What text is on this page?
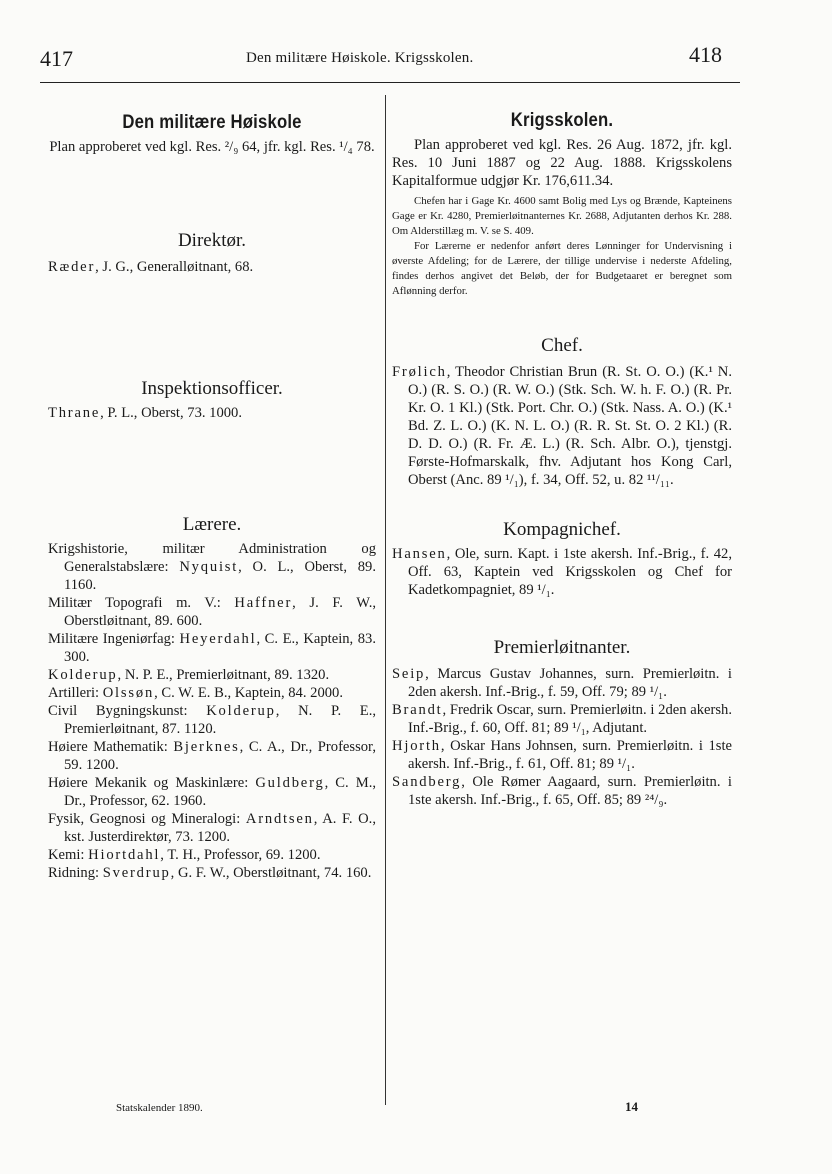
417	Den militære Høiskole. Krigsskolen.	418
Den militære Høiskole

Plan approberet ved kgl. Res. ²/₉ 64, jfr. kgl. Res. ¹/₄ 78.

Direktør.

Ræder, J. G., Generalløitnant, 68.

Inspektionsofficer.

Thrane, P. L., Oberst, 73. 1000.

Lærere.

Krigshistorie, militær Administration og Generalstabslære: Nyquist, O. L., Oberst, 89. 1160.

Militær Topografi m. V.: Haffner, J. F. W., Oberstløitnant, 89. 600.

Militære Ingeniørfag: Heyerdahl, C. E., Kaptein, 83. 300.

Kolderup, N. P. E., Premierløitnant, 89. 1320.

Artilleri: Olssøn, C. W. E. B., Kaptein, 84. 2000.

Civil Bygningskunst: Kolderup, N. P. E., Premierløitnant, 87. 1120.

Høiere Mathematik: Bjerknes, C. A., Dr., Professor, 59. 1200.

Høiere Mekanik og Maskinlære: Guldberg, C. M., Dr., Professor, 62. 1960.

Fysik, Geognosi og Mineralogi: Arndtsen, A. F. O., kst. Justerdirektør, 73. 1200.

Kemi: Hiortdahl, T. H., Professor, 69. 1200.

Ridning: Sverdrup, G. F. W., Oberstløitnant, 74. 160.

Krigsskolen.

Plan approberet ved kgl. Res. 26 Aug. 1872, jfr. kgl. Res. 10 Juni 1887 og 22 Aug. 1888. Krigsskolens Kapitalformue udgjør Kr. 176,611.34.

Chefen har i Gage Kr. 4600 samt Bolig med Lys og Brænde, Kapteinens Gage er Kr. 4280, Premierløitnanternes Kr. 2688, Adjutanten derhos Kr. 288. Om Alderstillæg m. V. se S. 409.

For Lærerne er nedenfor anført deres Lønninger for Undervisning i øverste Afdeling; for de Lærere, der tillige undervise i nederste Afdeling, findes derhos angivet det Beløb, der for Budgetaaret er beregnet som Aflønning derfor.

Chef.

Frølich, Theodor Christian Brun (R. St. O. O.) (K.¹ N. O.) (R. S. O.) (R. W. O.) (Stk. Sch. W. h. F. O.) (R. Pr. Kr. O. 1 Kl.) (Stk. Port. Chr. O.) (Stk. Nass. A. O.) (K.¹ Bd. Z. L. O.) (K. N. L. O.) (R. R. St. St. O. 2 Kl.) (R. D. D. O.) (R. Fr. Æ. L.) (R. Sch. Albr. O.), tjenstgj. Første-Hofmarskalk, fhv. Adjutant hos Kong Carl, Oberst (Anc. 89 ¹/₁), f. 34, Off. 52, u. 82 ¹¹/₁₁.

Kompagnichef.

Hansen, Ole, surn. Kapt. i 1ste akersh. Inf.-Brig., f. 42, Off. 63, Kaptein ved Krigsskolen og Chef for Kadetkompagniet, 89 ¹/₁.

Premierløitnanter.

Seip, Marcus Gustav Johannes, surn. Premierløitn. i 2den akersh. Inf.-Brig., f. 59, Off. 79; 89 ¹/₁.

Brandt, Fredrik Oscar, surn. Premierløitn. i 2den akersh. Inf.-Brig., f. 60, Off. 81; 89 ¹/₁, Adjutant.

Hjorth, Oskar Hans Johnsen, surn. Premierløitn. i 1ste akersh. Inf.-Brig., f. 61, Off. 81; 89 ¹/₁.

Sandberg, Ole Rømer Aagaard, surn. Premierløitn. i 1ste akersh. Inf.-Brig., f. 65, Off. 85; 89 ²⁴/₉.

Statskalender 1890.	14
